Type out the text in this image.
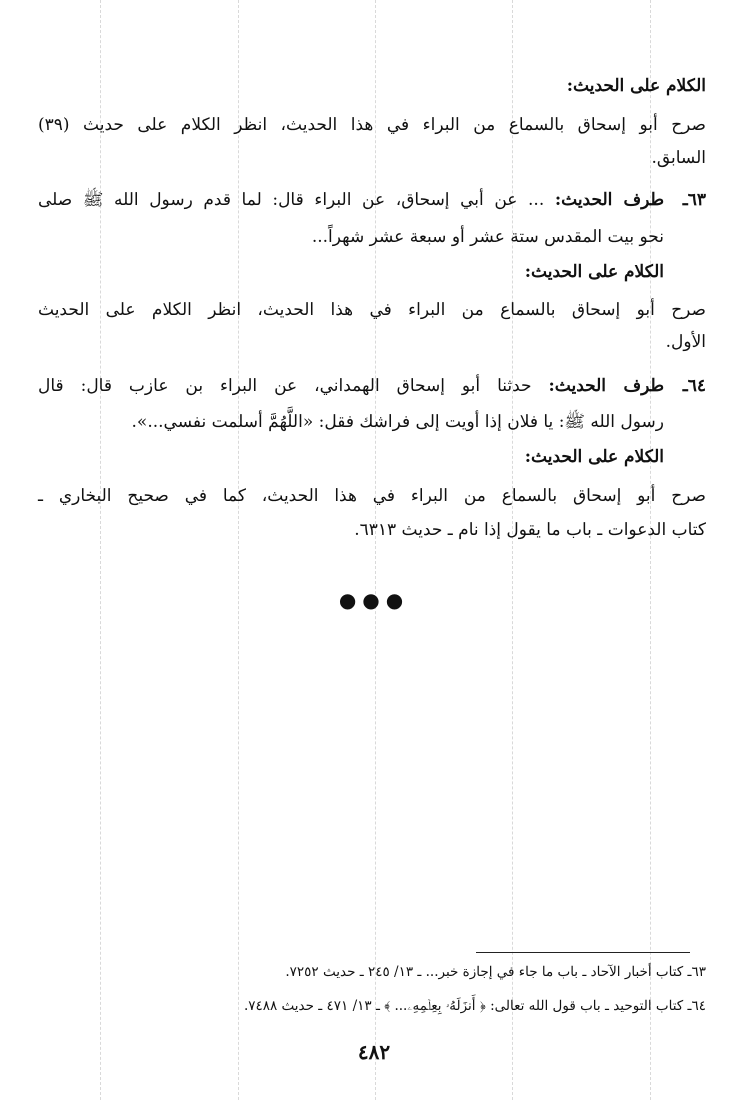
الكلام على الحديث:
صرح أبو إسحاق بالسماع من البراء في هذا الحديث، انظر الكلام على حديث (٣٩)
السابق.
٦٣ـ
طرف الحديث: ... عن أبي إسحاق، عن البراء قال: لما قدم رسول الله ﷺ صلى
نحو بيت المقدس ستة عشر أو سبعة عشر شهراً...
الكلام على الحديث:
صرح أبو إسحاق بالسماع من البراء في هذا الحديث، انظر الكلام على الحديث
الأول.
٦٤ـ
طرف الحديث: حدثنا أبو إسحاق الهمداني، عن البراء بن عازب قال: قال
رسول الله ﷺ: يا فلان إذا أويت إلى فراشك فقل: «اللَّهُمَّ أسلمت نفسي...».
الكلام على الحديث:
صرح أبو إسحاق بالسماع من البراء في هذا الحديث، كما في صحيح البخاري ـ
كتاب الدعوات ـ باب ما يقول إذا نام ـ حديث ٦٣١٣.
●●●
٦٣ـ كتاب أخبار الآحاد ـ باب ما جاء في إجازة خبر... ـ ١٣/ ٢٤٥ ـ حديث ٧٢٥٢.
٦٤ـ كتاب التوحيد ـ باب قول الله تعالى: ﴿ أَنزَلَهُۥ بِعِلۡمِهِۦ... ﴾ ـ ١٣/ ٤٧١ ـ حديث ٧٤٨٨.
٤٨٢
